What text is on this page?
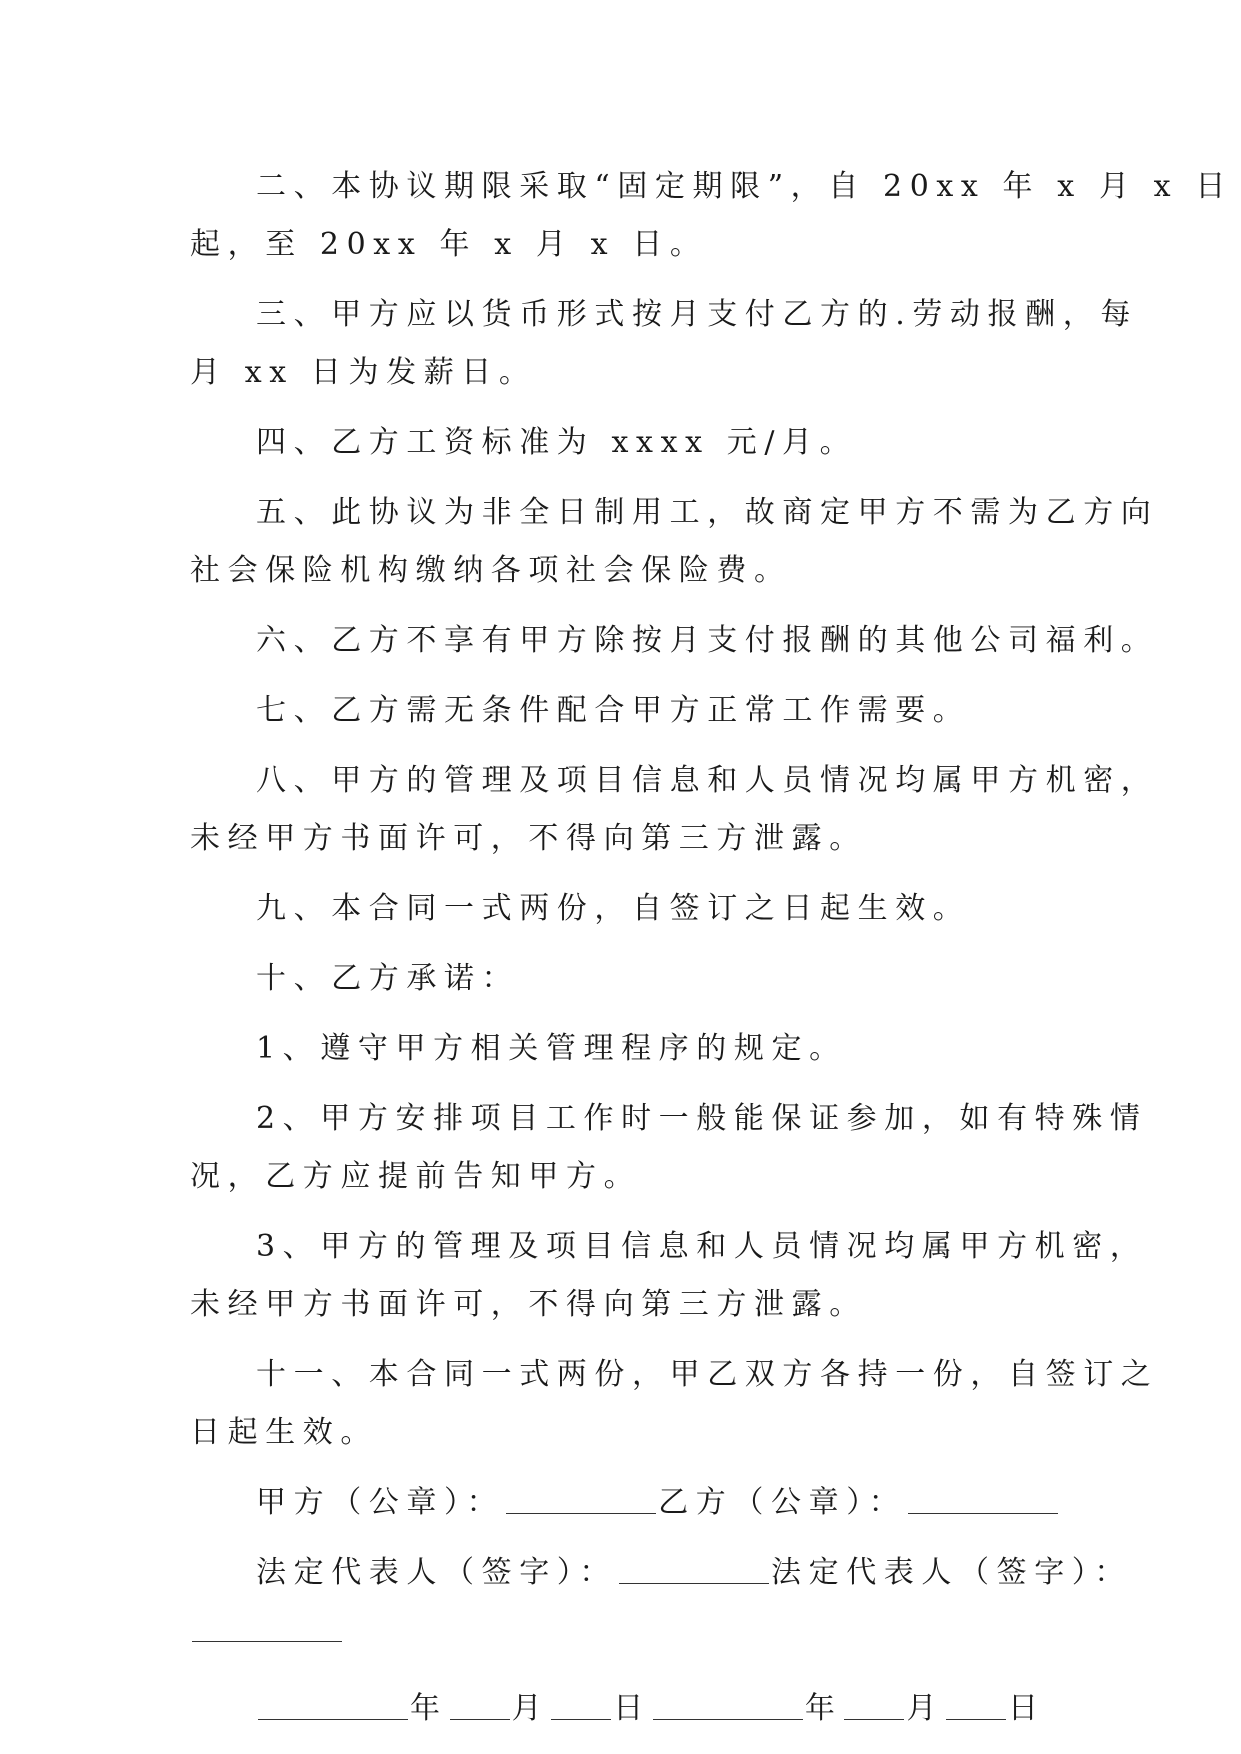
二、本协议期限采取“固定期限”，自 20xx 年 x 月 x 日
起，至 20xx 年 x 月 x 日。
三、甲方应以货币形式按月支付乙方的.劳动报酬，每
月 xx 日为发薪日。
四、乙方工资标准为 xxxx 元/月。
五、此协议为非全日制用工，故商定甲方不需为乙方向
社会保险机构缴纳各项社会保险费。
六、乙方不享有甲方除按月支付报酬的其他公司福利。
七、乙方需无条件配合甲方正常工作需要。
八、甲方的管理及项目信息和人员情况均属甲方机密，
未经甲方书面许可，不得向第三方泄露。
九、本合同一式两份，自签订之日起生效。
十、乙方承诺：
1、遵守甲方相关管理程序的规定。
2、甲方安排项目工作时一般能保证参加，如有特殊情
况，乙方应提前告知甲方。
3、甲方的管理及项目信息和人员情况均属甲方机密，
未经甲方书面许可，不得向第三方泄露。
十一、本合同一式两份，甲乙双方各持一份，自签订之
日起生效。
甲方（公章）：	乙方（公章）：
法定代表人（签字）：	法定代表人（签字）：
年 月 日	年 月 日
